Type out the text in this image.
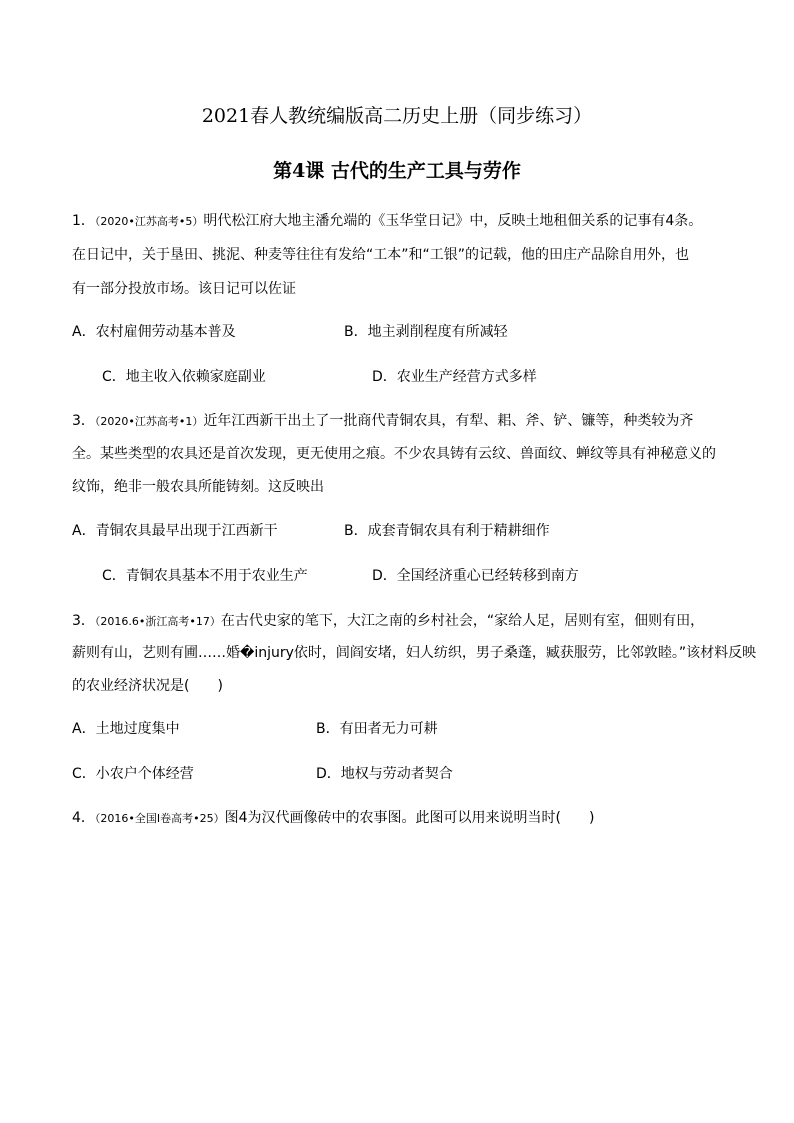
2021春人教统编版高二历史上册（同步练习）
第4课 古代的生产工具与劳作
1．（2020•江苏高考•5）明代松江府大地主潘允端的《玉华堂日记》中，反映土地租佃关系的记事有4条。
在日记中，关于垦田、挑泥、种麦等往往有发给“工本”和“工银”的记载，他的田庄产品除自用外，也
有一部分投放市场。该日记可以佐证
A．农村雇佣劳动基本普及	B．地主剥削程度有所减轻
C．地主收入依赖家庭副业	D．农业生产经营方式多样
3．（2020•江苏高考•1）近年江西新干出土了一批商代青铜农具，有犁、耜、斧、铲、镰等，种类较为齐
全。某些类型的农具还是首次发现，更无使用之痕。不少农具铸有云纹、兽面纹、蝉纹等具有神秘意义的
纹饰，绝非一般农具所能铸刻。这反映出
A．青铜农具最早出现于江西新干	B．成套青铜农具有利于精耕细作
C．青铜农具基本不用于农业生产	D．全国经济重心已经转移到南方
3．（2016.6•浙江高考•17）在古代史家的笔下，大江之南的乡村社会，“家给人足，居则有室，佃则有田，
薪则有山，艺则有圃……婚�injury依时，闾阎安堵，妇人纺织，男子桑蓬，臧获服劳，比邻敦睦。”该材料反映
的农业经济状况是(　　)
A．土地过度集中	B．有田者无力可耕
C．小农户个体经营	D．地权与劳动者契合
4．（2016•全国Ⅰ卷高考•25）图4为汉代画像砖中的农事图。此图可以用来说明当时(　　)
